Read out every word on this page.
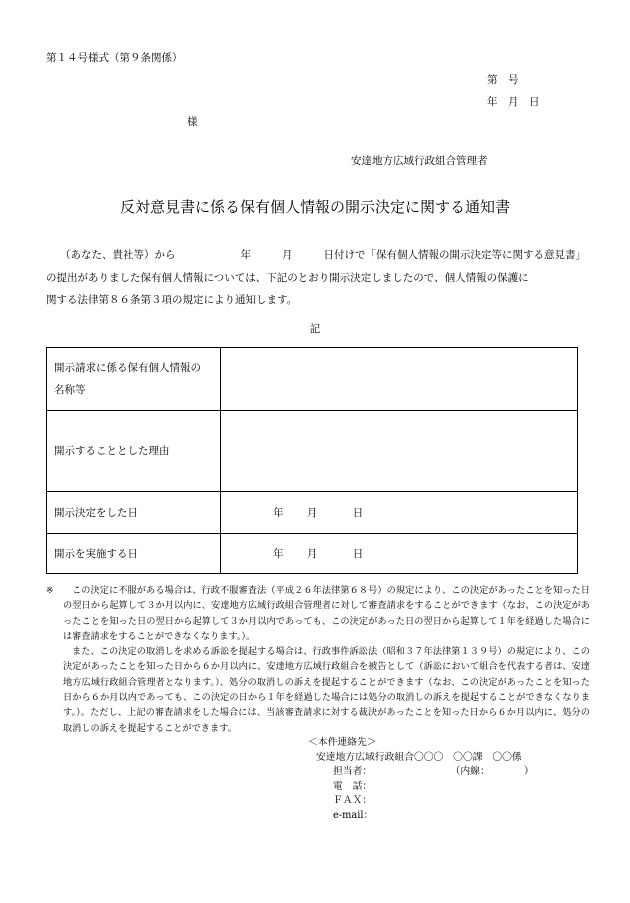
第１４号様式（第９条関係）
第　号
年　月　日
様
安達地方広域行政組合管理者
反対意見書に係る保有個人情報の開示決定に関する通知書
（あなた、貴社等）から	年	月	日付けで「保有個人情報の開示決定等に関する意見書」
の提出がありました保有個人情報については、下記のとおり開示決定しましたので、個人情報の保護に
関する法律第８６条第３項の規定により通知します。
記
開示請求に係る保有個人情報の名称等	

開示することとした理由	
開示決定をした日	年 月 日

開示を実施する日	年 月 日
※	この決定に不服がある場合は、行政不服審査法（平成２６年法律第６８号）の規定により、この決定があったことを知った日の翌日から起算して３か月以内に、安達地方広域行政組合管理者に対して審査請求をすることができます（なお、この決定があったことを知った日の翌日から起算して３か月以内であっても、この決定があった日の翌日から起算して１年を経過した場合には審査請求をすることができなくなります。）。

また、この決定の取消しを求める訴訟を提起する場合は、行政事件訴訟法（昭和３７年法律第１３９号）の規定により、この決定があったことを知った日から６か月以内に、安達地方広域行政組合を被告として（訴訟において組合を代表する者は、安達地方広域行政組合管理者となります。）、処分の取消しの訴えを提起することができます（なお、この決定があったことを知った日から６か月以内であっても、この決定の日から１年を経過した場合には処分の取消しの訴えを提起することができなくなります。）。ただし、上記の審査請求をした場合には、当該審査請求に対する裁決があったことを知った日から６か月以内に、処分の取消しの訴えを提起することができます。

＜本件連絡先＞
安達地方広域行政組合〇〇〇　〇〇課　〇〇係
担当者：　　　　　　　　　（内線：　　　　）
電　話：
ＦＡＸ：
e-mail：
